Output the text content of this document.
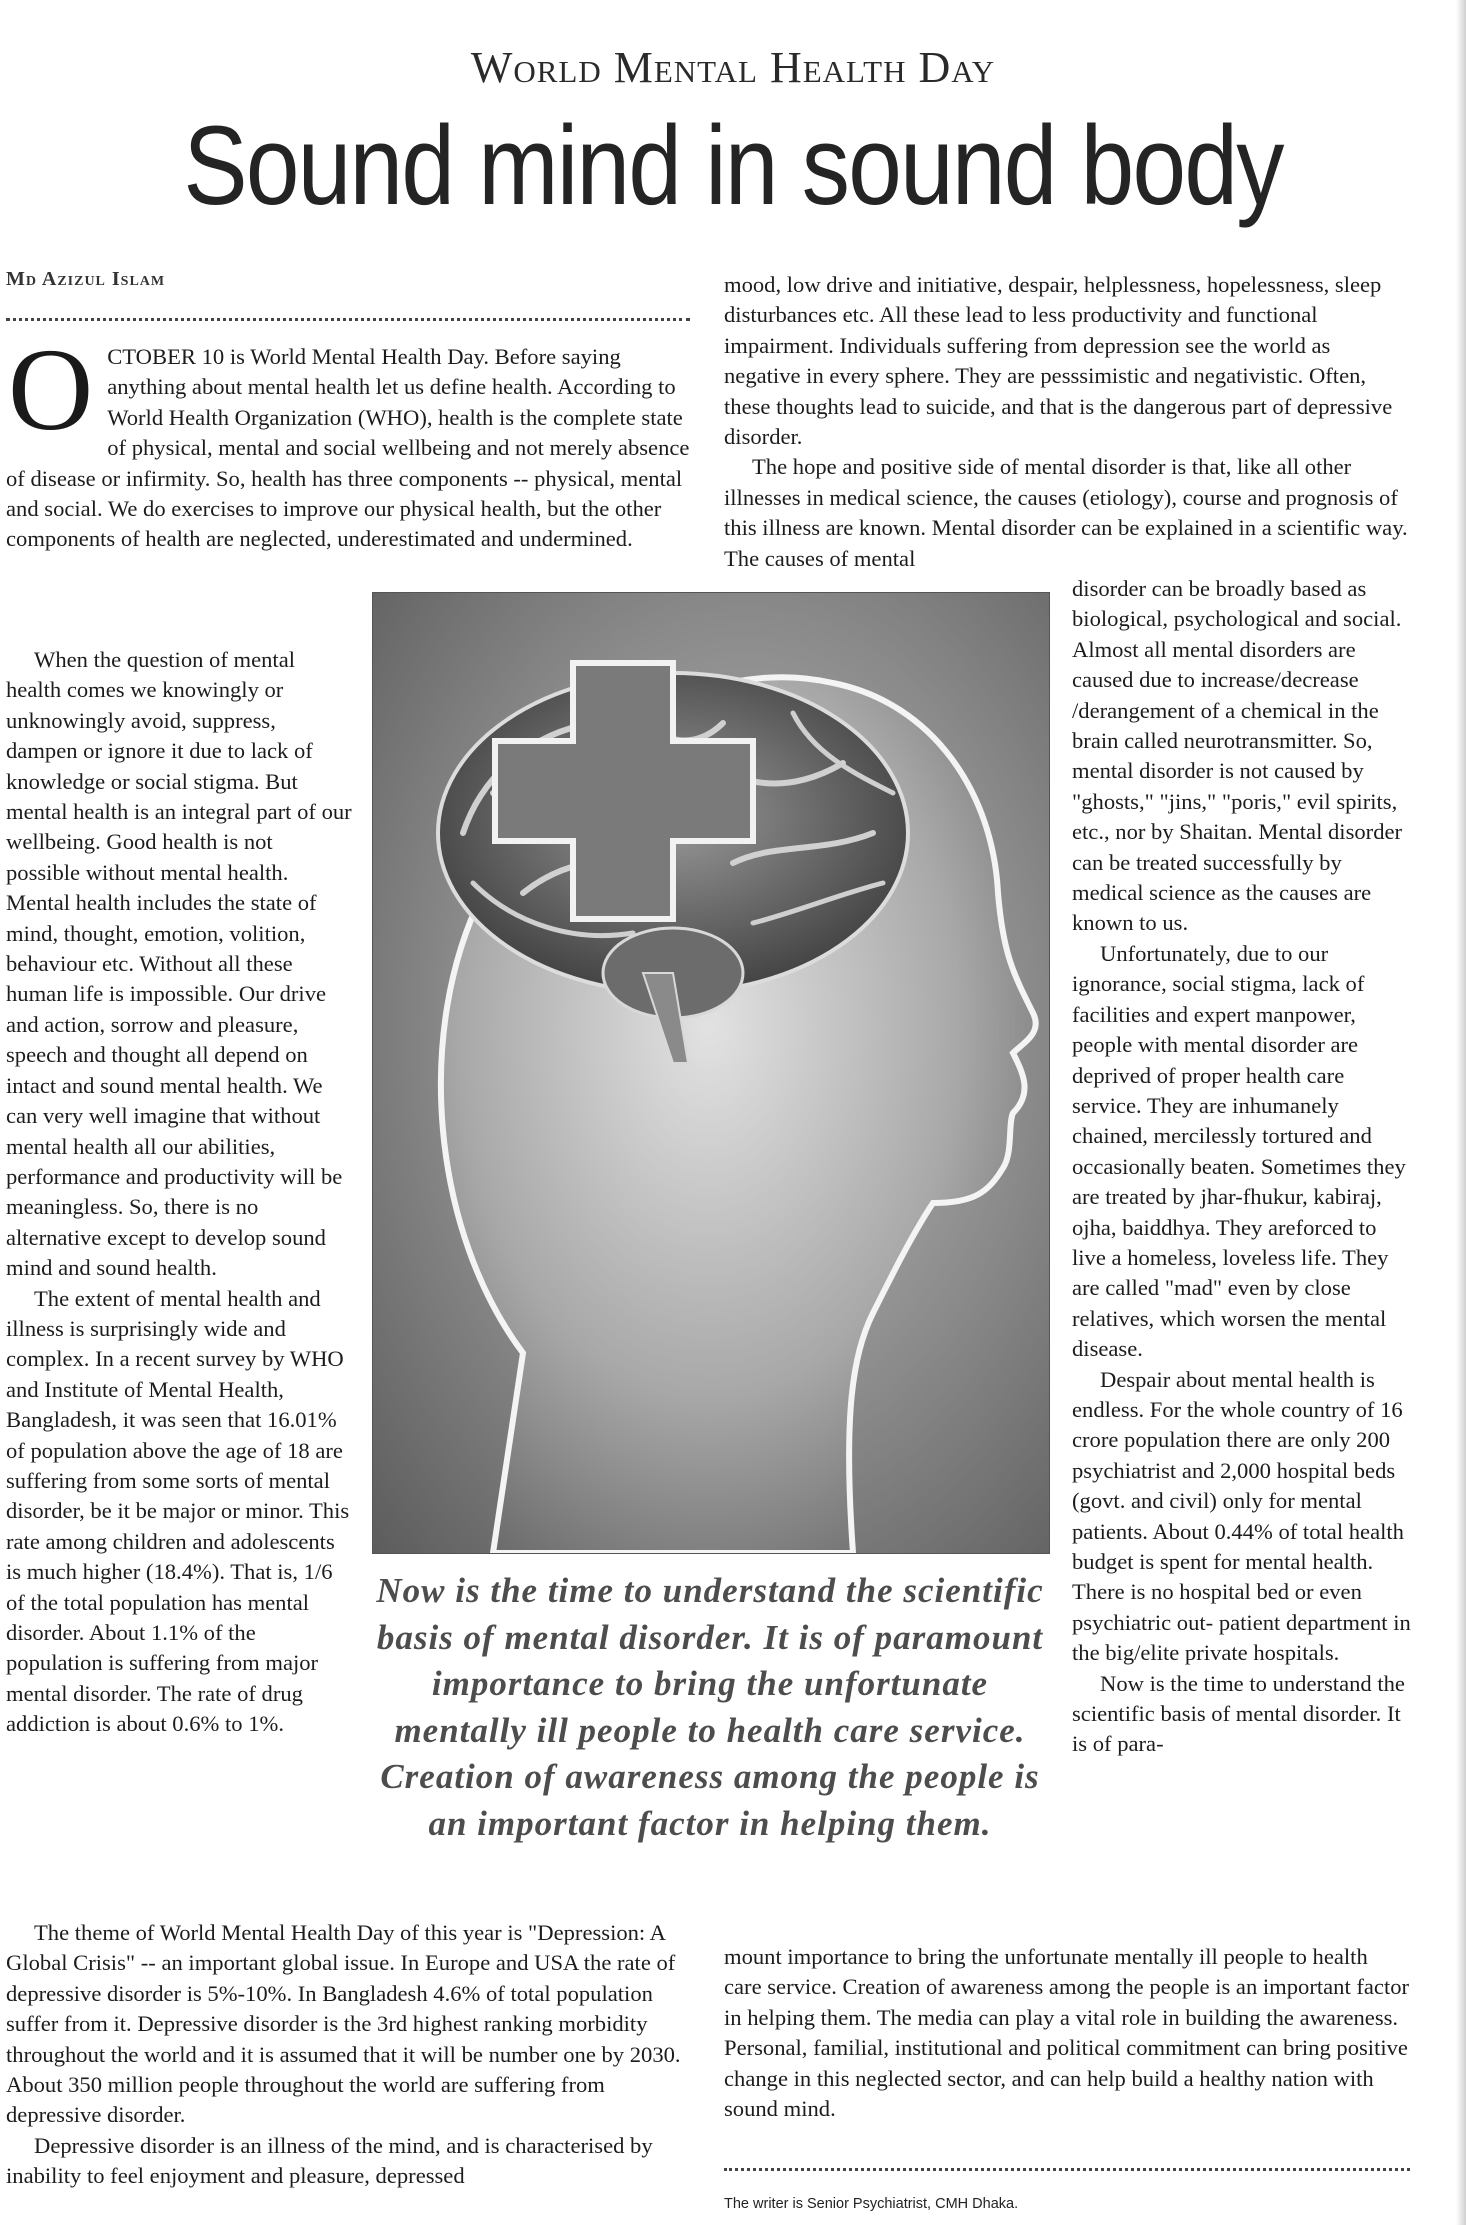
World Mental Health Day
Sound mind in sound body
Md Azizul Islam

OCTOBER 10 is World Mental Health Day. Before saying anything about mental health let us define health. According to World Health Organization (WHO), health is the complete state of physical, mental and social wellbeing and not merely absence of disease or infirmity. So, health has three components -- physical, mental and social. We do exercises to improve our physical health, but the other components of health are neglected, underestimated and undermined.

When the question of mental health comes we knowingly or unknowingly avoid, suppress, dampen or ignore it due to lack of knowledge or social stigma. But mental health is an integral part of our wellbeing. Good health is not possible without mental health. Mental health includes the state of mind, thought, emotion, volition, behaviour etc. Without all these human life is impossible. Our drive and action, sorrow and pleasure, speech and thought all depend on intact and sound mental health. We can very well imagine that without mental health all our abilities, performance and productivity will be meaningless. So, there is no alternative except to develop sound mind and sound health.

The extent of mental health and illness is surprisingly wide and complex. In a recent survey by WHO and Institute of Mental Health, Bangladesh, it was seen that 16.01% of population above the age of 18 are suffering from some sorts of mental disorder, be it be major or minor. This rate among children and adolescents is much higher (18.4%). That is, 1/6 of the total population has mental disorder. About 1.1% of the population is suffering from major mental disorder. The rate of drug addiction is about 0.6% to 1%.

The theme of World Mental Health Day of this year is "Depression: A Global Crisis" -- an important global issue. In Europe and USA the rate of depressive disorder is 5%-10%. In Bangladesh 4.6% of total population suffer from it. Depressive disorder is the 3rd highest ranking morbidity throughout the world and it is assumed that it will be number one by 2030. About 350 million people throughout the world are suffering from depressive disorder.

Depressive disorder is an illness of the mind, and is characterised by inability to feel enjoyment and pleasure, depressed

mood, low drive and initiative, despair, helplessness, hopelessness, sleep disturbances etc. All these lead to less productivity and functional impairment. Individuals suffering from depression see the world as negative in every sphere. They are pesssimistic and negativistic. Often, these thoughts lead to suicide, and that is the dangerous part of depressive disorder.

The hope and positive side of mental disorder is that, like all other illnesses in medical science, the causes (etiology), course and prognosis of this illness are known. Mental disorder can be explained in a scientific way. The causes of mental

disorder can be broadly based as biological, psychological and social. Almost all mental disorders are caused due to increase/decrease /derangement of a chemical in the brain called neurotransmitter. So, mental disorder is not caused by "ghosts," "jins," "poris," evil spirits, etc., nor by Shaitan. Mental disorder can be treated successfully by medical science as the causes are known to us.

Unfortunately, due to our ignorance, social stigma, lack of facilities and expert manpower, people with mental disorder are deprived of proper health care service. They are inhumanely chained, mercilessly tortured and occasionally beaten. Sometimes they are treated by jhar-fhukur, kabiraj, ojha, baiddhya. They areforced to live a homeless, loveless life. They are called "mad" even by close relatives, which worsen the mental disease.

Despair about mental health is endless. For the whole country of 16 crore population there are only 200 psychiatrist and 2,000 hospital beds (govt. and civil) only for mental patients. About 0.44% of total health budget is spent for mental health. There is no hospital bed or even psychiatric out- patient department in the big/elite private hospitals.

Now is the time to understand the scientific basis of mental disorder. It is of para-

mount importance to bring the unfortunate mentally ill people to health care service. Creation of awareness among the people is an important factor in helping them. The media can play a vital role in building the awareness. Personal, familial, institutional and political commitment can bring positive change in this neglected sector, and can help build a healthy nation with sound mind.

Now is the time to understand the scientific basis of mental disorder. It is of paramount importance to bring the unfortunate mentally ill people to health care service. Creation of awareness among the people is an important factor in helping them.
The writer is Senior Psychiatrist, CMH Dhaka.
